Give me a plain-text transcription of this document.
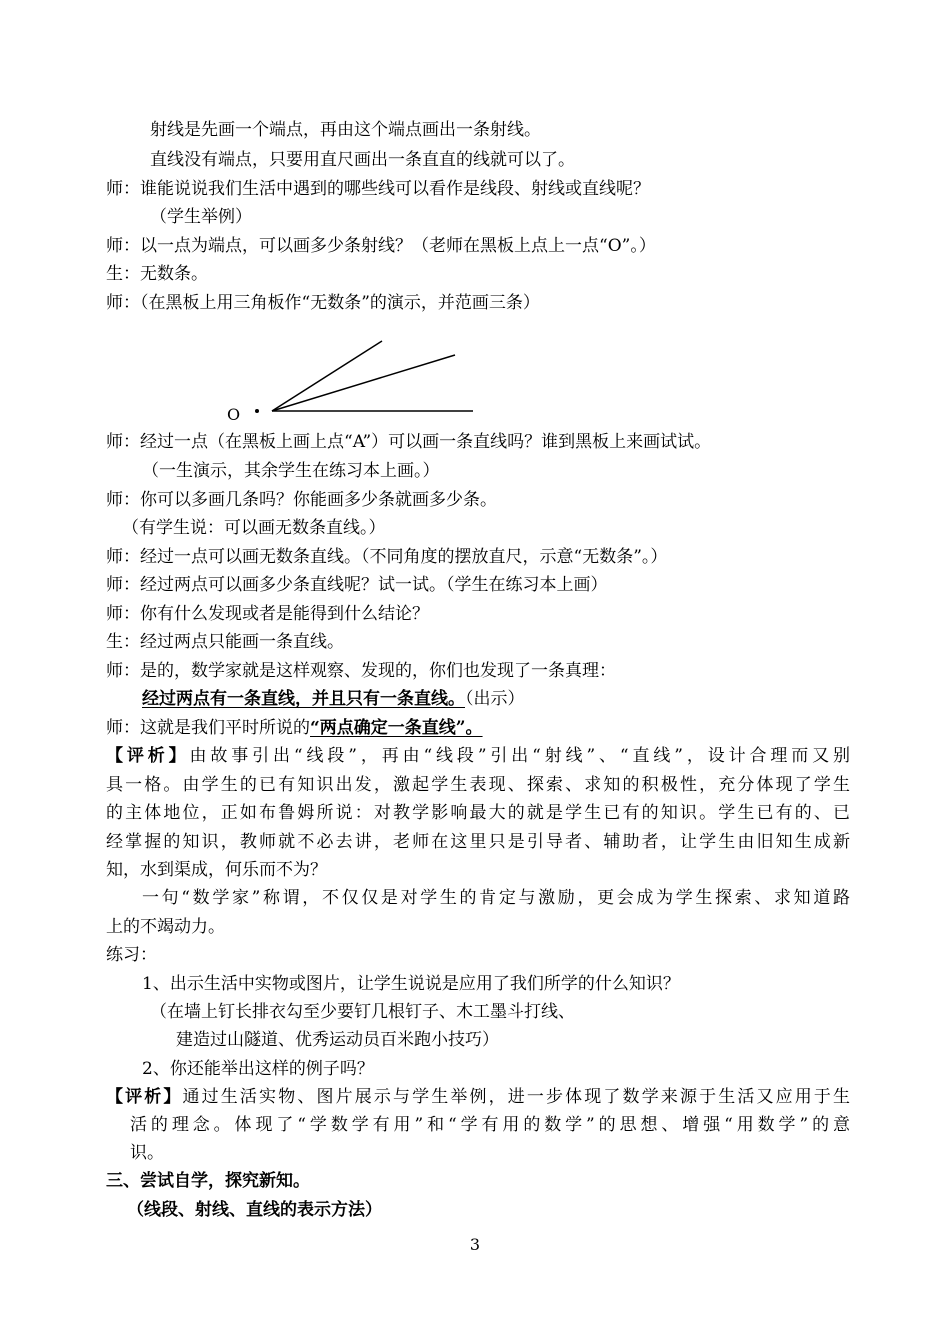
射线是先画一个端点，再由这个端点画出一条射线。
直线没有端点，只要用直尺画出一条直直的线就可以了。
师：谁能说说我们生活中遇到的哪些线可以看作是线段、射线或直线呢？
（学生举例）
师：以一点为端点，可以画多少条射线？（老师在黑板上点上一点“O”。）
生：无数条。
师：（在黑板上用三角板作“无数条”的演示，并范画三条）
O
师：经过一点（在黑板上画上点“A”）可以画一条直线吗？谁到黑板上来画试试。
（一生演示，其余学生在练习本上画。）
师：你可以多画几条吗？你能画多少条就画多少条。
（有学生说：可以画无数条直线。）
师：经过一点可以画无数条直线。（不同角度的摆放直尺，示意“无数条”。）
师：经过两点可以画多少条直线呢？试一试。（学生在练习本上画）
师：你有什么发现或者是能得到什么结论？
生：经过两点只能画一条直线。
师：是的，数学家就是这样观察、发现的，你们也发现了一条真理：
经过两点有一条直线，并且只有一条直线。（出示）
师：这就是我们平时所说的“两点确定一条直线”。
【评析】由故事引出“线段”，再由“线段”引出“射线”、“直线”，设计合理而又别
具一格。由学生的已有知识出发，激起学生表现、探索、求知的积极性，充分体现了学生
的主体地位，正如布鲁姆所说：对教学影响最大的就是学生已有的知识。学生已有的、已
经掌握的知识，教师就不必去讲，老师在这里只是引导者、辅助者，让学生由旧知生成新
知，水到渠成，何乐而不为？
一句“数学家”称谓，不仅仅是对学生的肯定与激励，更会成为学生探索、求知道路
上的不竭动力。
练习：
1、出示生活中实物或图片，让学生说说是应用了我们所学的什么知识？
（在墙上钉长排衣勾至少要钉几根钉子、木工墨斗打线、
建造过山隧道、优秀运动员百米跑小技巧）
2、你还能举出这样的例子吗？
【评析】通过生活实物、图片展示与学生举例，进一步体现了数学来源于生活又应用于生
活的理念。体现了“学数学有用”和“学有用的数学”的思想、增强“用数学”的意
识。
三、尝试自学，探究新知。
（线段、射线、直线的表示方法）
3
